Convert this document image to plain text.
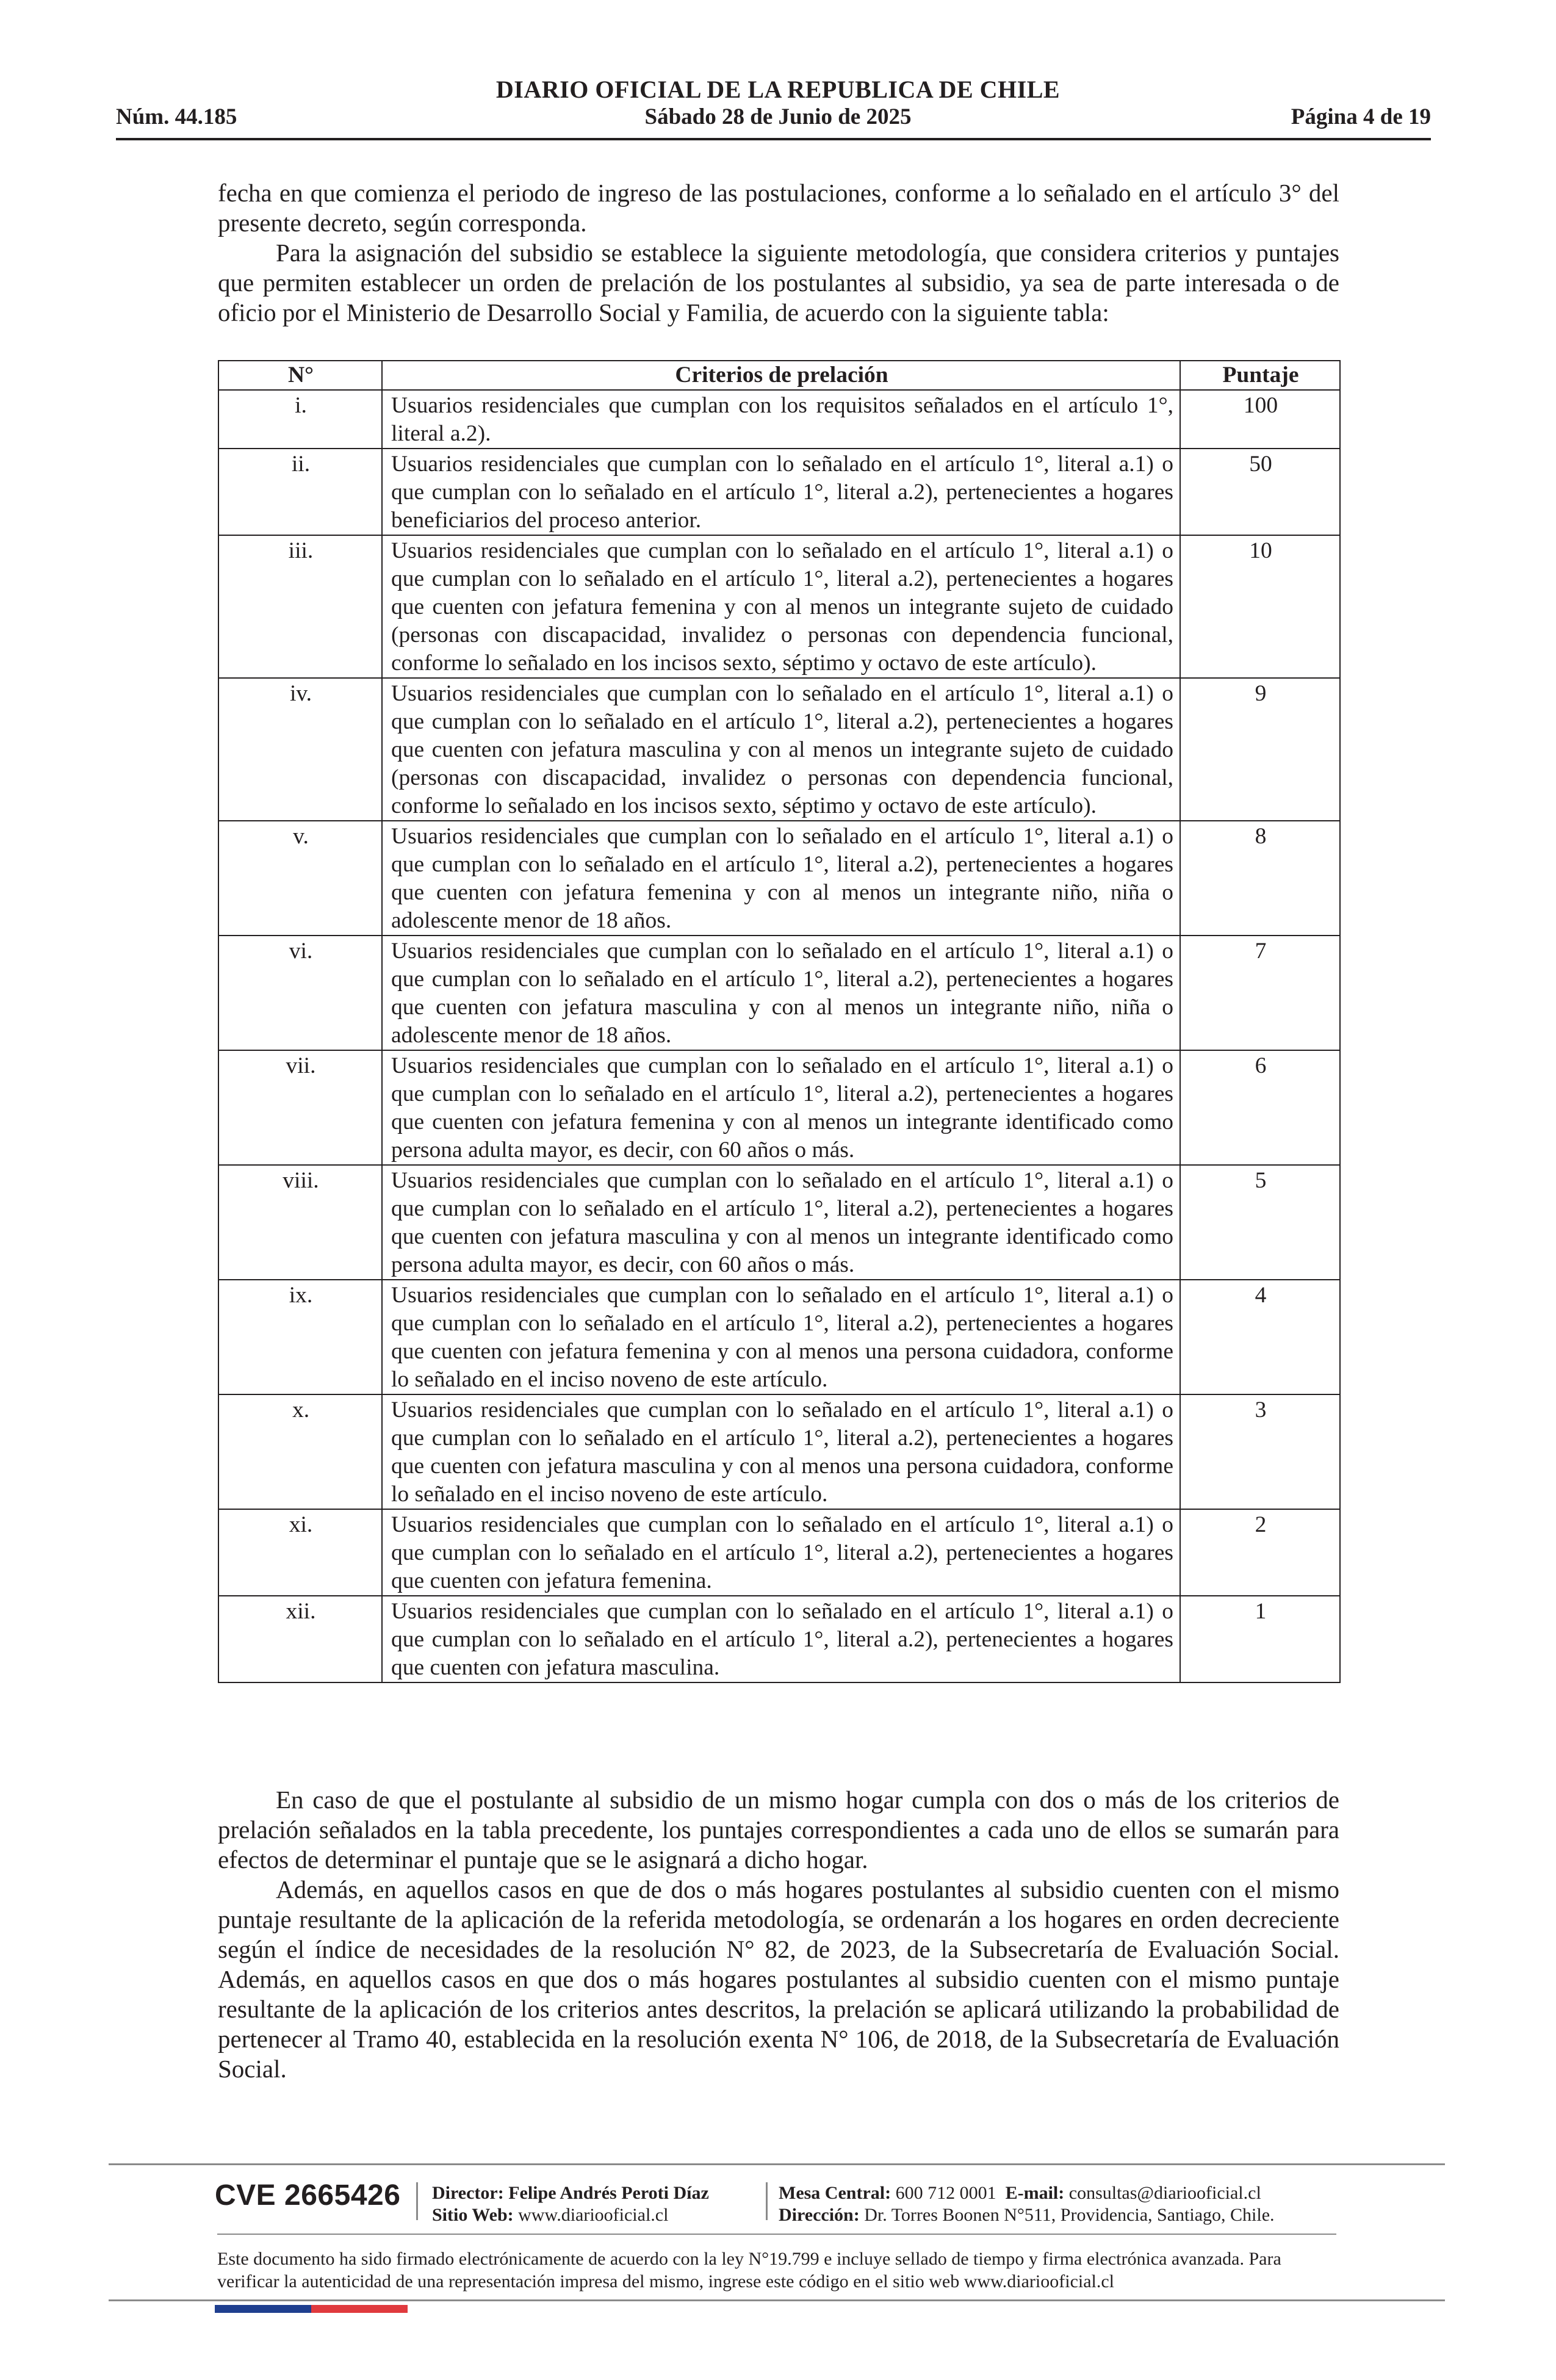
DIARIO OFICIAL DE LA REPUBLICA DE CHILE
Núm. 44.185	Sábado 28 de Junio de 2025	Página 4 de 19
fecha en que comienza el periodo de ingreso de las postulaciones, conforme a lo señalado en el artículo 3° del presente decreto, según corresponda.
Para la asignación del subsidio se establece la siguiente metodología, que considera criterios y puntajes que permiten establecer un orden de prelación de los postulantes al subsidio, ya sea de parte interesada o de oficio por el Ministerio de Desarrollo Social y Familia, de acuerdo con la siguiente tabla:
N°	Criterios de prelación	Puntaje
i.	Usuarios residenciales que cumplan con los requisitos señalados en el artículo 1°, literal a.2).	100
ii.	Usuarios residenciales que cumplan con lo señalado en el artículo 1°, literal a.1) o que cumplan con lo señalado en el artículo 1°, literal a.2), pertenecientes a hogares beneficiarios del proceso anterior.	50
iii.	Usuarios residenciales que cumplan con lo señalado en el artículo 1°, literal a.1) o que cumplan con lo señalado en el artículo 1°, literal a.2), pertenecientes a hogares que cuenten con jefatura femenina y con al menos un integrante sujeto de cuidado (personas con discapacidad, invalidez o personas con dependencia funcional, conforme lo señalado en los incisos sexto, séptimo y octavo de este artículo).	10
iv.	Usuarios residenciales que cumplan con lo señalado en el artículo 1°, literal a.1) o que cumplan con lo señalado en el artículo 1°, literal a.2), pertenecientes a hogares que cuenten con jefatura masculina y con al menos un integrante sujeto de cuidado (personas con discapacidad, invalidez o personas con dependencia funcional, conforme lo señalado en los incisos sexto, séptimo y octavo de este artículo).	9
v.	Usuarios residenciales que cumplan con lo señalado en el artículo 1°, literal a.1) o que cumplan con lo señalado en el artículo 1°, literal a.2), pertenecientes a hogares que cuenten con jefatura femenina y con al menos un integrante niño, niña o adolescente menor de 18 años.	8
vi.	Usuarios residenciales que cumplan con lo señalado en el artículo 1°, literal a.1) o que cumplan con lo señalado en el artículo 1°, literal a.2), pertenecientes a hogares que cuenten con jefatura masculina y con al menos un integrante niño, niña o adolescente menor de 18 años.	7
vii.	Usuarios residenciales que cumplan con lo señalado en el artículo 1°, literal a.1) o que cumplan con lo señalado en el artículo 1°, literal a.2), pertenecientes a hogares que cuenten con jefatura femenina y con al menos un integrante identificado como persona adulta mayor, es decir, con 60 años o más.	6
viii.	Usuarios residenciales que cumplan con lo señalado en el artículo 1°, literal a.1) o que cumplan con lo señalado en el artículo 1°, literal a.2), pertenecientes a hogares que cuenten con jefatura masculina y con al menos un integrante identificado como persona adulta mayor, es decir, con 60 años o más.	5
ix.	Usuarios residenciales que cumplan con lo señalado en el artículo 1°, literal a.1) o que cumplan con lo señalado en el artículo 1°, literal a.2), pertenecientes a hogares que cuenten con jefatura femenina y con al menos una persona cuidadora, conforme lo señalado en el inciso noveno de este artículo.	4
x.	Usuarios residenciales que cumplan con lo señalado en el artículo 1°, literal a.1) o que cumplan con lo señalado en el artículo 1°, literal a.2), pertenecientes a hogares que cuenten con jefatura masculina y con al menos una persona cuidadora, conforme lo señalado en el inciso noveno de este artículo.	3
xi.	Usuarios residenciales que cumplan con lo señalado en el artículo 1°, literal a.1) o que cumplan con lo señalado en el artículo 1°, literal a.2), pertenecientes a hogares que cuenten con jefatura femenina.	2
xii.	Usuarios residenciales que cumplan con lo señalado en el artículo 1°, literal a.1) o que cumplan con lo señalado en el artículo 1°, literal a.2), pertenecientes a hogares que cuenten con jefatura masculina.	1
En caso de que el postulante al subsidio de un mismo hogar cumpla con dos o más de los criterios de prelación señalados en la tabla precedente, los puntajes correspondientes a cada uno de ellos se sumarán para efectos de determinar el puntaje que se le asignará a dicho hogar.
Además, en aquellos casos en que de dos o más hogares postulantes al subsidio cuenten con el mismo puntaje resultante de la aplicación de la referida metodología, se ordenarán a los hogares en orden decreciente según el índice de necesidades de la resolución N° 82, de 2023, de la Subsecretaría de Evaluación Social. Además, en aquellos casos en que dos o más hogares postulantes al subsidio cuenten con el mismo puntaje resultante de la aplicación de los criterios antes descritos, la prelación se aplicará utilizando la probabilidad de pertenecer al Tramo 40, establecida en la resolución exenta N° 106, de 2018, de la Subsecretaría de Evaluación Social.
CVE 2665426 Director: Felipe Andrés Peroti Díaz
Sitio Web: www.diariooficial.cl
Mesa Central: 600 712 0001 E-mail: consultas@diariooficial.cl
Dirección: Dr. Torres Boonen N°511, Providencia, Santiago, Chile.
Este documento ha sido firmado electrónicamente de acuerdo con la ley N°19.799 e incluye sellado de tiempo y firma electrónica avanzada. Para verificar la autenticidad de una representación impresa del mismo, ingrese este código en el sitio web www.diariooficial.cl
